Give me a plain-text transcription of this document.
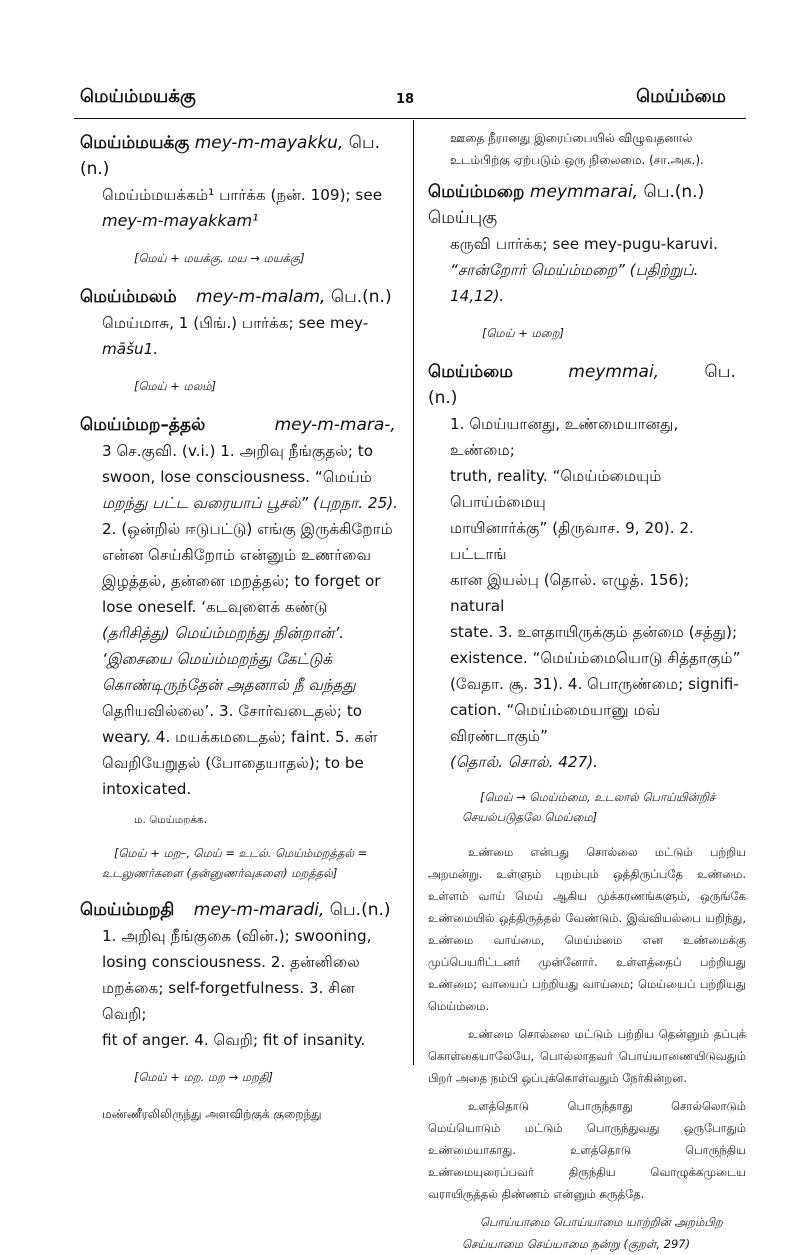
மெய்ம்மயக்கு	18	மெய்ம்மை

மெய்ம்மயக்கு mey-m-mayakku, பெ.(n.)

மெய்ம்மயக்கம்¹ பார்க்க (நன். 109); see

mey-m-mayakkam¹

[மெய் + மயக்கு. மய → மயக்கு]

மெய்ம்மலம் mey-m-malam, பெ.(n.)

மெய்மாசு, 1 (பிங்.) பார்க்க; see mey-

māšu1.

[மெய் + மலம்]

மெய்ம்மற–த்தல்	mey-m-mara-,

3 செ.குவி. (v.i.) 1. அறிவு நீங்குதல்; to

swoon, lose consciousness. “மெய்ம்

மறந்து பட்ட வரையாப் பூசல்” (புறநா. 25).

2. (ஒன்றில் ஈடுபட்டு) எங்கு இருக்கிறோம்

என்ன செய்கிறோம் என்னும் உணர்வை

இழத்தல், தன்னை மறத்தல்; to forget or

lose oneself. ‘கடவுளைக் கண்டு

(தரிசித்து) மெய்ம்மறந்து நின்றான்’.

‘இசையை மெய்ம்மறந்து கேட்டுக்

கொண்டிருந்தேன் அதனால் நீ வந்தது

தெரியவில்லை’. 3. சோர்வடைதல்; to

weary. 4. மயக்கமடைதல்; faint. 5. கள்

வெறியேறுதல் (போதையாதல்); to be

intoxicated.

ம. மெய்மறக்க.

[மெய் + மற–, மெய் = உடல். மெய்ம்மறத்தல் =

உடலுணர்களை (தன்னுணர்வுகளை) மறத்தல்]

மெய்ம்மறதி mey-m-maradi, பெ.(n.)

1. அறிவு நீங்குகை (வின்.); swooning,

losing consciousness. 2. தன்னிலை

மறக்கை; self-forgetfulness. 3. சின வெறி;

fit of anger. 4. வெறி; fit of insanity.

[மெய் + மற. மற → மறதி]

மண்ணீரலிலிருந்து அளவிற்குக் குறைந்து

ஊதை நீரானது இரைப்பையில் விழுவதனால்

உடம்பிற்கு ஏற்படும் ஒரு நிலைமை. (சா.அக.).

மெய்ம்மறை meymmarai, பெ.(n.) மெய்புகு

கருவி பார்க்க; see mey-pugu-karuvi.

“சான்றோர் மெய்ம்மறை” (பதிற்றுப். 14,12).

[மெய் + மறை]

மெய்ம்மை	meymmai,	பெ.(n.)

1. மெய்யானது, உண்மையானது, உண்மை;

truth, reality. “மெய்ம்மையும் பொய்ம்மையு

மாயினார்க்கு” (திருவாச. 9, 20). 2. பட்டாங்

கான இயல்பு (தொல். எழுத். 156); natural

state. 3. உளதாயிருக்கும் தன்மை (சத்து);

existence. “மெய்ம்மையொடு சித்தாகும்”

(வேதா. சூ. 31). 4. பொருண்மை; signifi-

cation. “மெய்ம்மையானு மவ் விரண்டாகும்”

(தொல். சொல். 427).

[மெய் → மெய்ம்மை, உடலால் பொய்யின்றிச்

செயல்படுதலே மெய்மை]

உண்மை என்பது சொல்லை மட்டும் பற்றிய அறமன்று. உள்ளும் புறம்பும் ஒத்திருப்பதே உண்மை. உள்ளம் வாய் மெய் ஆகிய முக்கரணங்களும், ஒருங்கே உண்மையில் ஒத்திருத்தல் வேண்டும். இவ்வியல்பை யறிந்து, உண்மை வாய்மை, மெய்ம்மை என உண்மைக்கு முப்பெயரிட்டனர் முன்னோர். உள்ளத்தைப் பற்றியது உண்மை; வாயைப் பற்றியது வாய்மை; மெய்யைப் பற்றியது மெய்ம்மை.

உண்மை சொல்லை மட்டும் பற்றிய தென்னும் தப்புக் கொள்கையாலேயே, பொல்லாதவர் பொய்யாணையிடுவதும் பிறர் அதை நம்பி ஒப்புக்கொள்வதும் நேர்கின்றன.

உளத்தொடு பொருந்தாது சொல்லொடும் மெய்யொடும் மட்டும் பொருந்துவது ஒருபோதும் உண்மையாகாது. உளத்தொடு பொருந்திய உண்மையுரைப்பவர் திருந்திய வொழுக்கமுடைய வராயிருத்தல் திண்ணம் என்னும் கருத்தே.

பொய்யாமை பொய்யாமை யாற்றின் அறம்பிற

செய்யாமை செய்யாமை நன்று (குறள், 297)
